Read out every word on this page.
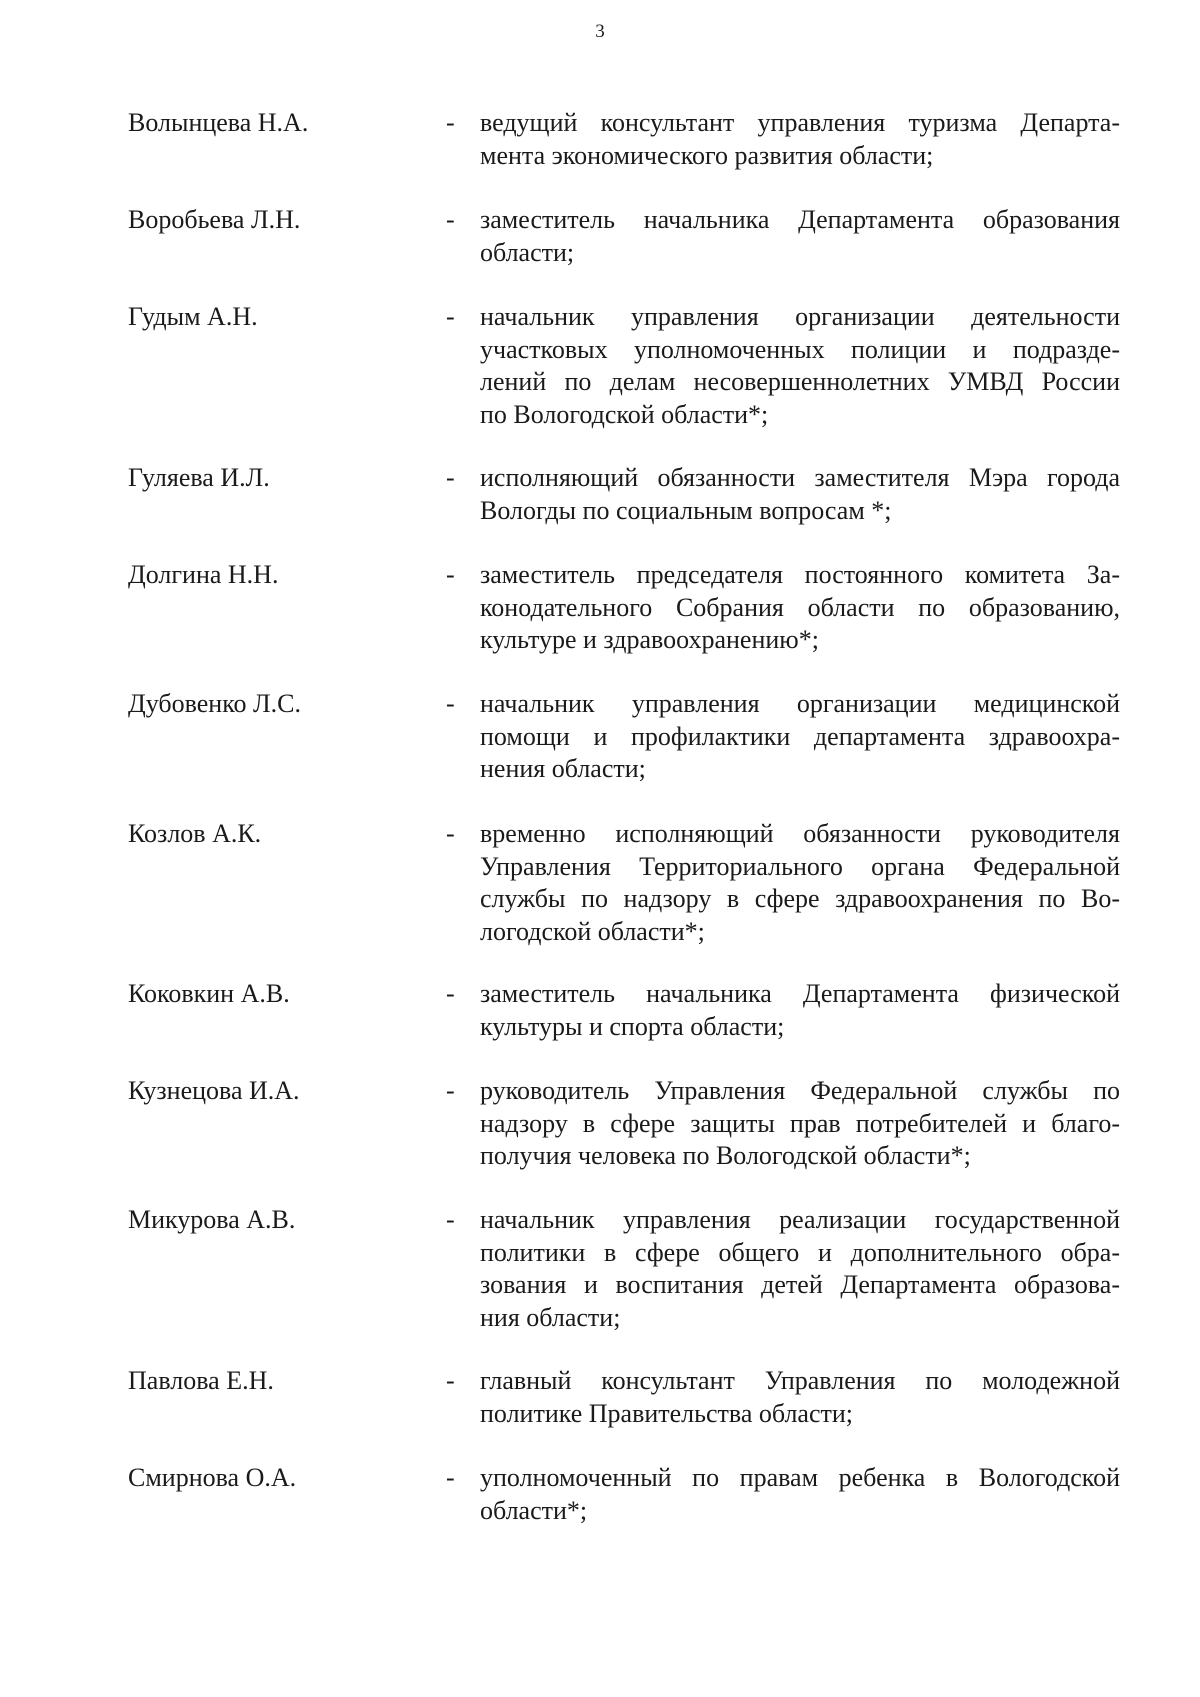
3
Волынцева Н.А.	- ведущий консультант управления туризма Департа-
мента экономического развития области;
Воробьева Л.Н.	- заместитель начальника Департамента образования
области;
Гудым А.Н.	- начальник управления организации деятельности
участковых уполномоченных полиции и подразде-
лений по делам несовершеннолетних УМВД России
по Вологодской области*;
Гуляева И.Л.	- исполняющий обязанности заместителя Мэра города
Вологды по социальным вопросам *;
Долгина Н.Н.	- заместитель председателя постоянного комитета За-
конодательного Собрания области по образованию,
культуре и здравоохранению*;
Дубовенко Л.С.	- начальник управления организации медицинской
помощи и профилактики департамента здравоохра-
нения области;
Козлов А.К.	- временно исполняющий обязанности руководителя
Управления Территориального органа Федеральной
службы по надзору в сфере здравоохранения по Во-
логодской области*;
Коковкин А.В.	- заместитель начальника Департамента физической
культуры и спорта области;
Кузнецова И.А.	- руководитель Управления Федеральной службы по
надзору в сфере защиты прав потребителей и благо-
получия человека по Вологодской области*;
Микурова А.В.	- начальник управления реализации государственной
политики в сфере общего и дополнительного обра-
зования и воспитания детей Департамента образова-
ния области;
Павлова Е.Н.	- главный консультант Управления по молодежной
политике Правительства области;
Смирнова О.А.	- уполномоченный по правам ребенка в Вологодской
области*;
